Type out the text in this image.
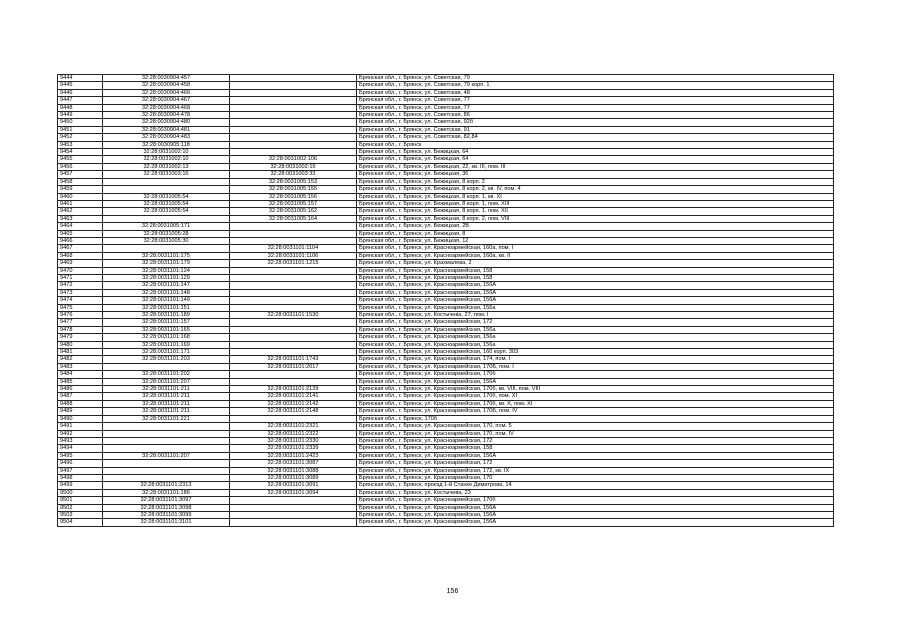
9444	32:28:0030904:457		Брянская обл., г. Брянск, ул. Советская, 79
9445	32:28:0030904:458		Брянская обл., г. Брянск, ул. Советская, 79 корп. 1
9446	32:28:0030904:466		Брянская обл., г. Брянск, ул. Советская, 48
9447	32:28:0030904:467		Брянская обл., г. Брянск, ул. Советская, 77
9448	32:28:0030904:468		Брянская обл., г. Брянск, ул. Советская, 77
9449	32:28:0030904:478		Брянская обл., г. Брянск, ул. Советская, 86
9450	32:28:0030904:480		Брянская обл., г. Брянск, ул. Советская, 92б
9451	32:28:0030904:481		Брянская обл., г. Брянск, ул. Советская, 91
9452	32:28:0030904:483		Брянская обл., г. Брянск, ул. Советская, 82,84
9453	32:28:0030905:118		Брянская обл., г. Брянск
9454	32:28:0031002:10		Брянская обл., г. Брянск, ул. Бежицкая, 64
9455	32:28:0031002:10	32:28:0031002:106	Брянская обл., г. Брянск, ул. Бежицкая, 64
9456	32:28:0031002:13	32:28:0031002:19	Брянская обл., г. Брянск, ул. Бежицкая, 22, кв. III, пом. III
9457	32:28:0031003:16	32:28:0031003:33	Брянская обл., г. Брянск, ул. Бежицкая, 36
9458		32:28:0031005:153	Брянская обл., г. Брянск, ул. Бежицкая, 8 корп. 2
9459		32:28:0031005:155	Брянская обл., г. Брянск, ул. Бежицкая, 8 корп. 2, кв. IV, пом. 4
9460	32:28:0031005:54	32:28:0031005:156	Брянская обл., г. Брянск, ул. Бежицкая, 8 корп. 1, кв. XI
9461	32:28:0031005:54	32:28:0031005:157	Брянская обл., г. Брянск, ул. Бежицкая, 8 корп. 1, пом. XIII
9462	32:28:0031005:54	32:28:0031005:162	Брянская обл., г. Брянск, ул. Бежицкая, 8 корп. 1, пом. XII
9463		32:28:0031005:164	Брянская обл., г. Брянск, ул. Бежицкая, 8 корп. 2, пом. VIII
9464	32:28:0031005:171		Брянская обл., г. Брянск, ул. Бежицкая, 2В
9465	32:28:0031005:28		Брянская обл., г. Брянск, ул. Бежицкая, 8
9466	32:28:0031005:30		Брянская обл., г. Брянск, ул. Бежицкая, 12
9467		32:28:0031101:1104	Брянская обл., г. Брянск, ул. Красноармейская, 160а, пом. I
9468	32:28:0031101:175	32:28:0031101:1106	Брянская обл., г. Брянск, ул. Красноармейская, 160а, кв. II
9469	32:28:0031101:179	32:28:0031101:1215	Брянская обл., г. Брянск, ул. Крахмалева, 2
9470	32:28:0031101:124		Брянская обл., г. Брянск, ул. Красноармейская, 158
9471	32:28:0031101:129		Брянская обл., г. Брянск, ул. Красноармейская, 158
9472	32:28:0031101:147		Брянская обл., г. Брянск, ул. Красноармейская, 156А
9473	32:28:0031101:148		Брянская обл., г. Брянск, ул. Красноармейская, 156А
9474	32:28:0031101:149		Брянская обл., г. Брянск, ул. Красноармейская, 156А
9475	32:28:0031101:151		Брянская обл., г. Брянск, ул. Красноармейская, 156а
9476	32:28:0031101:189	32:28:0031101:1530	Брянская обл., г. Брянск, ул. Костычева, 27, пом. I
9477	32:28:0031101:157		Брянская обл., г. Брянск, ул. Красноармейская, 172
9478	32:28:0031101:165		Брянская обл., г. Брянск, ул. Красноармейская, 156а
9479	32:28:0031101:168		Брянская обл., г. Брянск, ул. Красноармейская, 156а
9480	32:28:0031101:169		Брянская обл., г. Брянск, ул. Красноармейская, 156а
9481	32:28:0031101:171		Брянская обл., г. Брянск, ул. Красноармейская, 160 корп. 303
9482	32:28:0031101:203	32:28:0031101:1743	Брянская обл., г. Брянск, ул. Красноармейская, 174, пом. I
9483		32:28:0031101:2017	Брянская обл., г. Брянск, ул. Красноармейская, 170Б, пом. I
9484	32:28:0031101:202		Брянская обл., г. Брянск, ул. Красноармейская, 170б
9485	32:28:0031101:207		Брянская обл., г. Брянск, ул. Красноармейская, 156А
9486	32:28:0031101:211	32:28:0031101:2139	Брянская обл., г. Брянск, ул. Красноармейская, 170б, кв. VIII, пом. VIII
9487	32:28:0031101:211	32:28:0031101:2141	Брянская обл., г. Брянск, ул. Красноармейская, 170б, пом. XI
9488	32:28:0031101:211	32:28:0031101:2142	Брянская обл., г. Брянск, ул. Красноармейская, 170б, кв. X, пом. XI
9489	32:28:0031101:211	32:28:0031101:2148	Брянская обл., г. Брянск, ул. Красноармейская, 170Б, пом. IV
9490	32:28:0031101:221		Брянская обл., г. Брянск, 170б
9491		32:28:0031101:2321	Брянская обл., г. Брянск, ул. Красноармейская, 170, пом. 5
9492		32:28:0031101:2322	Брянская обл., г. Брянск, ул. Красноармейская, 170, пом. IV
9493		32:28:0031101:2330	Брянская обл., г. Брянск, ул. Красноармейская, 172
9494		32:28:0031101:2339	Брянская обл., г. Брянск, ул. Красноармейская, 158
9495	32:28:0031101:207	32:28:0031101:2423	Брянская обл., г. Брянск, ул. Красноармейская, 156А
9496		32:28:0031101:3087	Брянская обл., г. Брянск, ул. Красноармейская, 172
9497		32:28:0031101:3088	Брянская обл., г. Брянск, ул. Красноармейская, 172, кв. IX
9498		32:28:0031101:3089	Брянская обл., г. Брянск, ул. Красноармейская, 170
9499	32:28:0031101:2313	32:28:0031101:3091	Брянская обл., г. Брянск, проезд 1-й Станке Димитрова, 14
9500	32:28:0031101:186	32:28:0031101:3094	Брянская обл., г. Брянск, ул. Костычева, 23
9501	32:28:0031101:3097		Брянская обл., г. Брянск, ул. Красноармейская, 170б
9502	32:28:0031101:3098		Брянская обл., г. Брянск, ул. Красноармейская, 156А
9503	32:28:0031101:3099		Брянская обл., г. Брянск, ул. Красноармейская, 156А
9504	32:28:0031101:3101		Брянская обл., г. Брянск, ул. Красноармейская, 156А
156
